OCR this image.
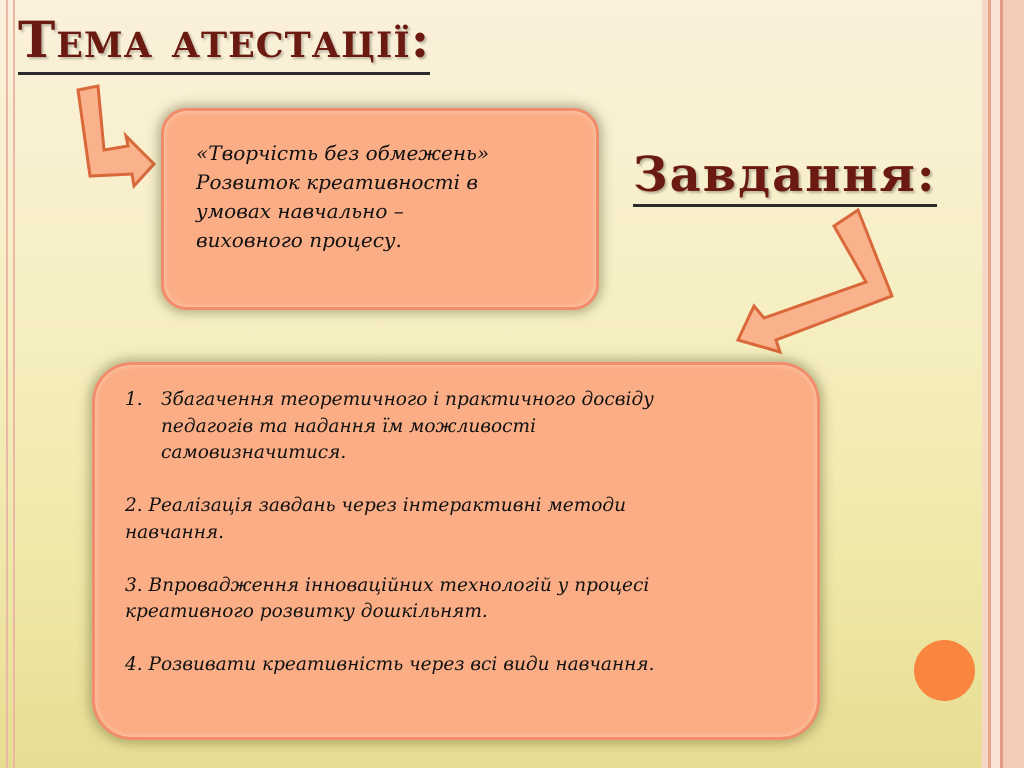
Тема атестації:
«Творчість без обмежень»
Розвиток креативності в
умовах навчально –
виховного процесу.
Завдання:
1. Збагачення теоретичного і практичного досвіду
педагогів та надання їм можливості
самовизначитися.
2. Реалізація завдань через інтерактивні методи
навчання.
3. Впровадження інноваційних технологій у процесі
креативного розвитку дошкільнят.
4. Розвивати креативність через всі види навчання.
